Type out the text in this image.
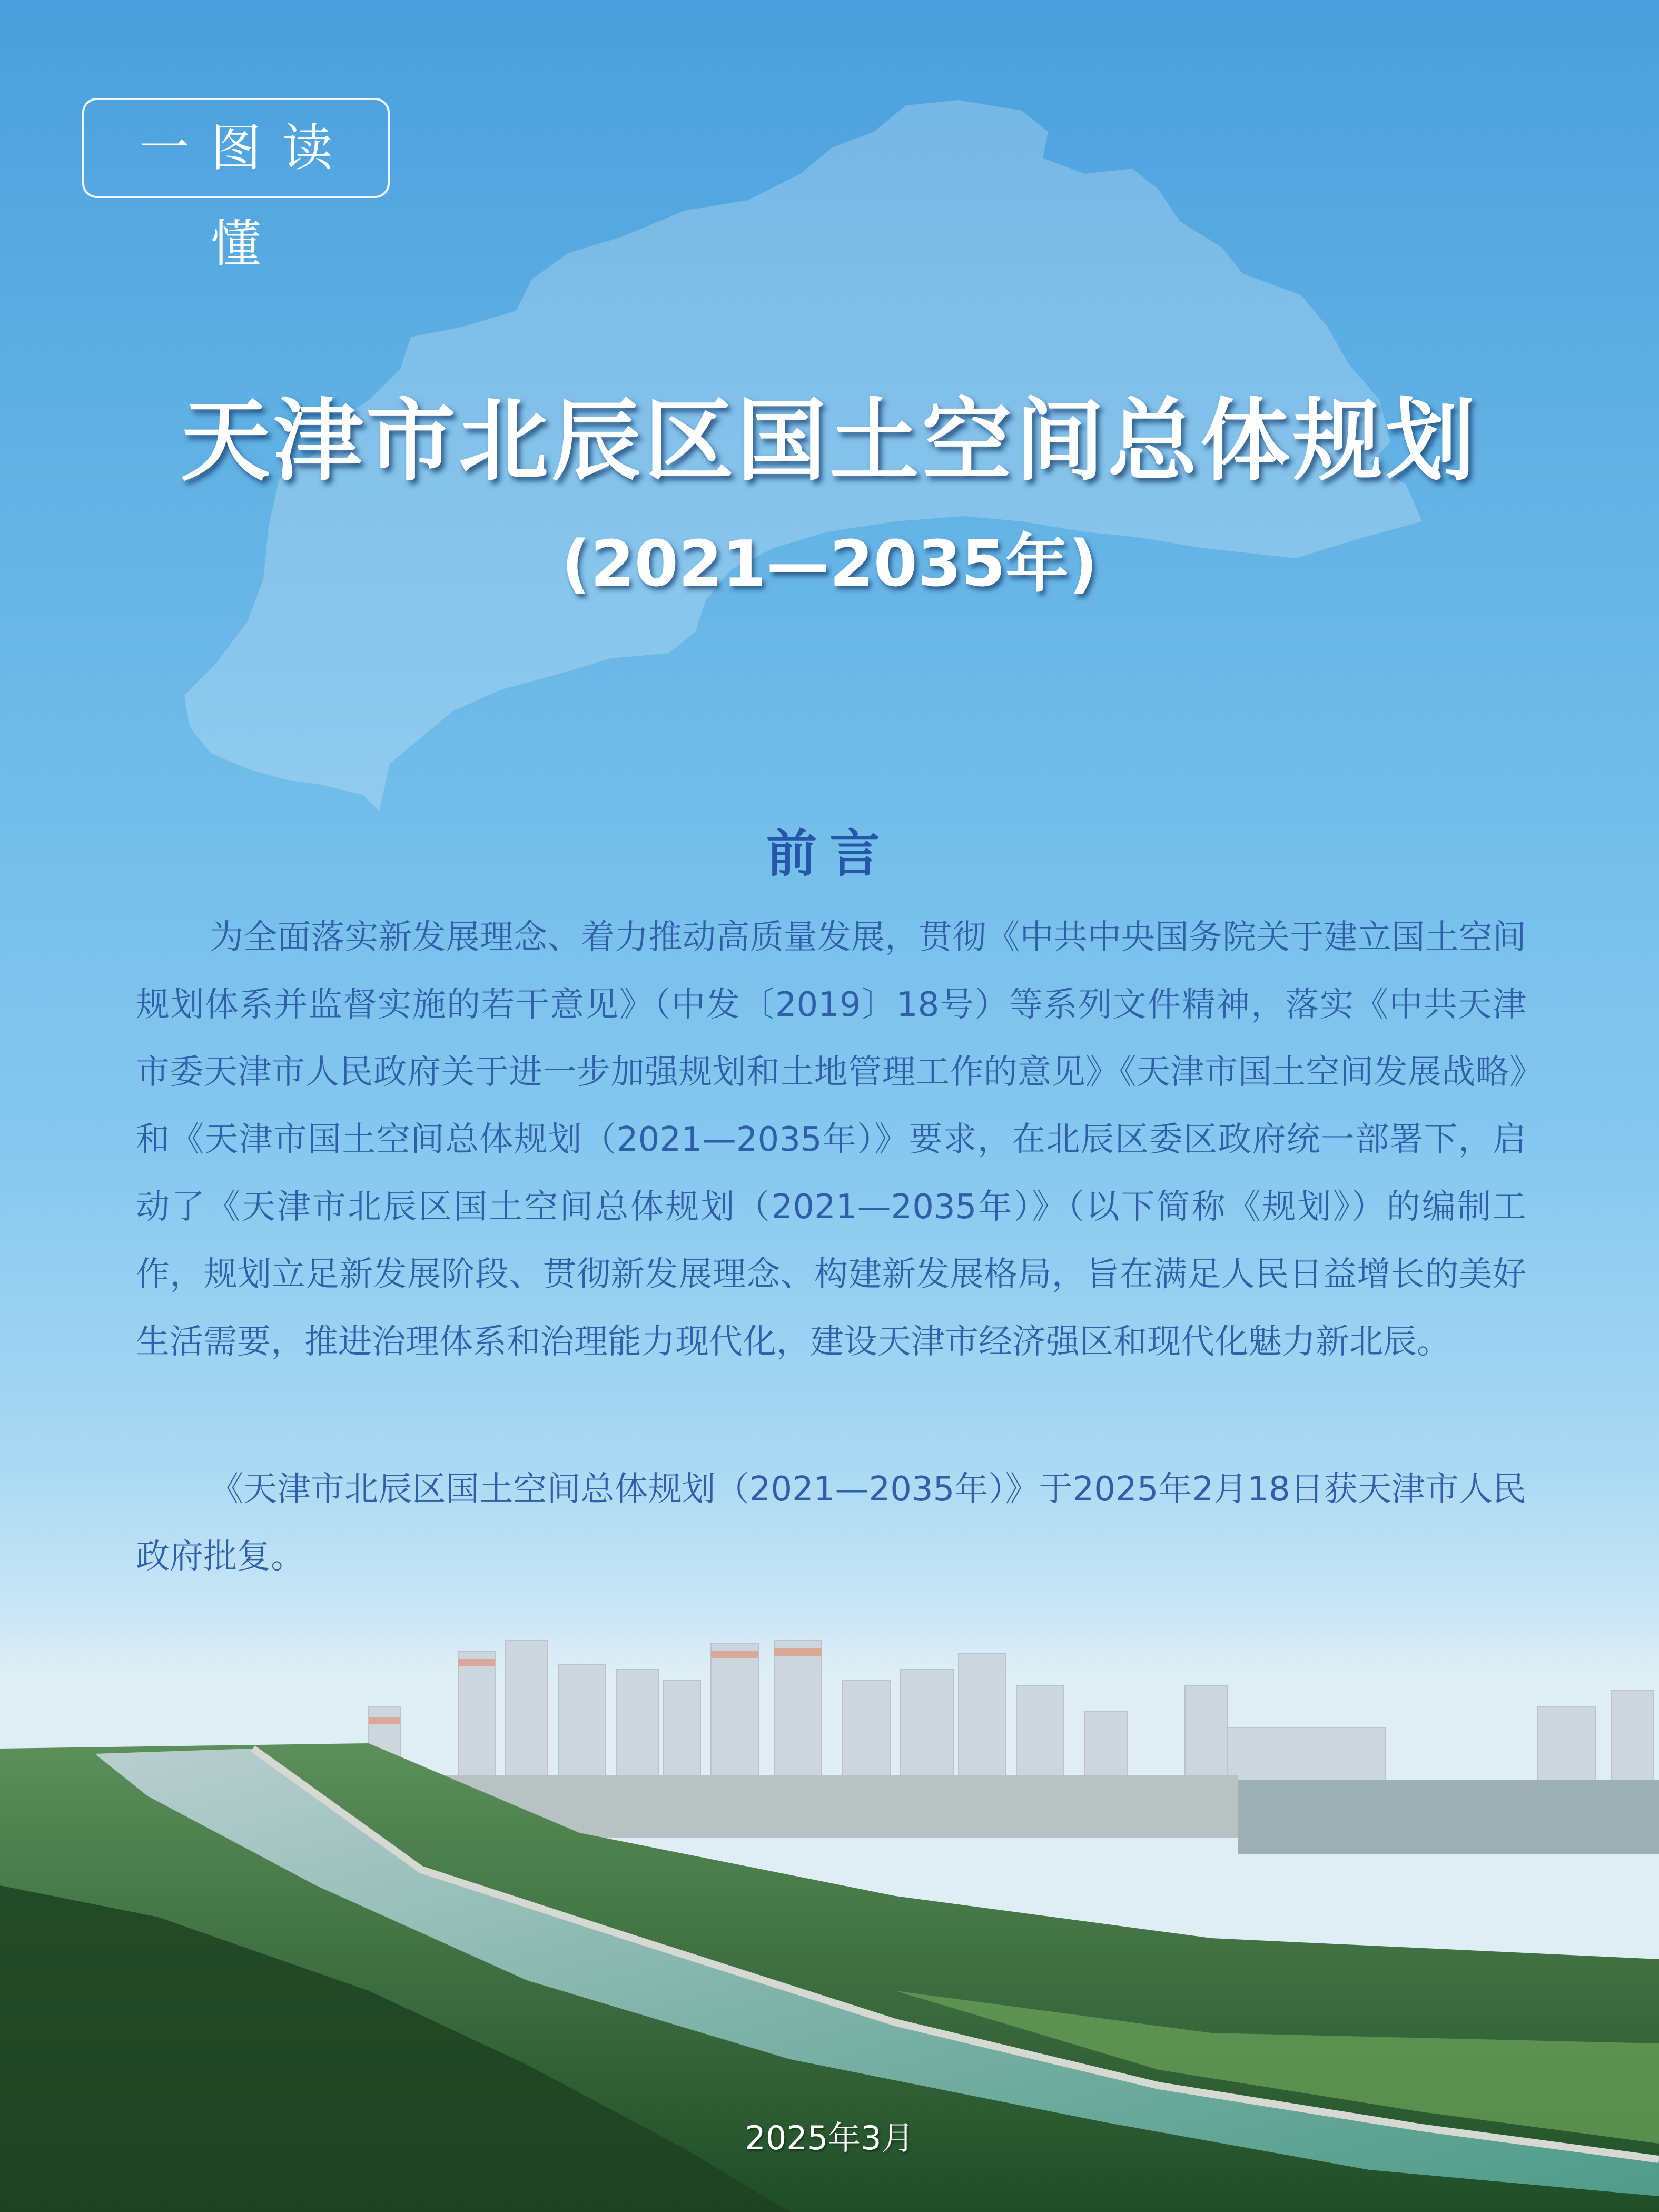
一图读懂
天津市北辰区国土空间总体规划
(2021—2035年)
前言
为全面落实新发展理念、着力推动高质量发展，贯彻《中共中央国务院关于建立国土空间规划体系并监督实施的若干意见》（中发〔2019〕18号）等系列文件精神，落实《中共天津市委天津市人民政府关于进一步加强规划和土地管理工作的意见》《天津市国土空间发展战略》和《天津市国土空间总体规划（2021—2035年）》要求，在北辰区委区政府统一部署下，启动了《天津市北辰区国土空间总体规划（2021—2035年）》（以下简称《规划》）的编制工作，规划立足新发展阶段、贯彻新发展理念、构建新发展格局，旨在满足人民日益增长的美好生活需要，推进治理体系和治理能力现代化，建设天津市经济强区和现代化魅力新北辰。
《天津市北辰区国土空间总体规划（2021—2035年）》于2025年2月18日获天津市人民政府批复。
2025年3月
